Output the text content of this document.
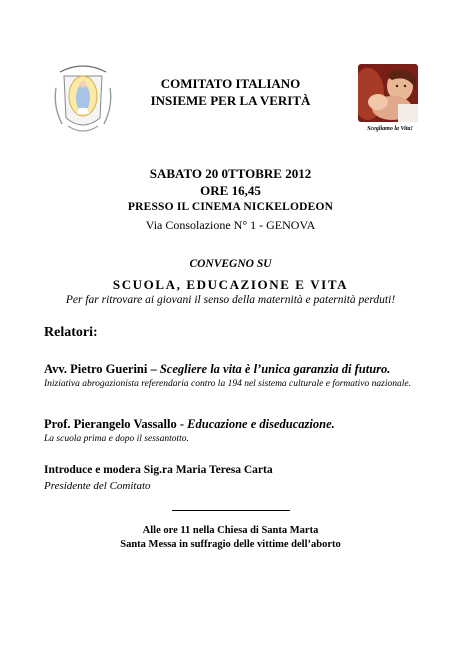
COMITATO ITALIANO
INSIEME PER LA VERITÀ
Scegliamo la Vita!
SABATO 20 0TTOBRE 2012
ORE 16,45
PRESSO IL CINEMA NICKELODEON
Via Consolazione N° 1 - GENOVA
CONVEGNO SU
SCUOLA, EDUCAZIONE E VITA
Per far ritrovare ai giovani il senso della maternità e paternità perduti!
Relatori:
Avv. Pietro Guerini – Scegliere la vita è l’unica garanzia di futuro.
Iniziativa abrogazionista referendaria contro la 194 nel sistema culturale e formativo nazionale.
Prof. Pierangelo Vassallo - Educazione e diseducazione.
La scuola prima e dopo il sessantotto.
Introduce e modera Sig.ra Maria Teresa Carta
Presidente del Comitato
Alle ore 11 nella Chiesa di Santa Marta
Santa Messa in suffragio delle vittime dell’aborto
